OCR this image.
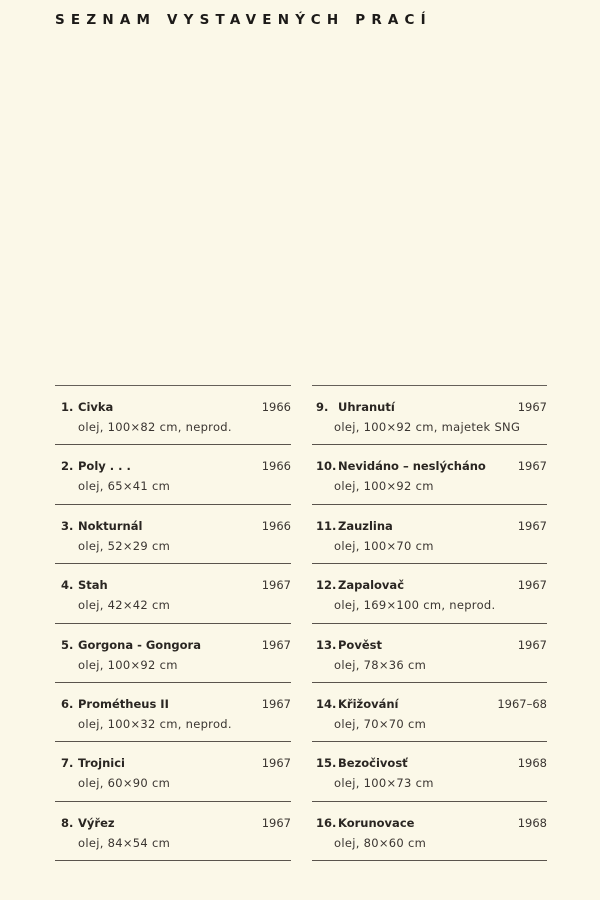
SEZNAM VYSTAVENÝCH PRACÍ
1. Civka	1966
olej, 100×82 cm, neprod.
2. Poly . . .	1966
olej, 65×41 cm
3. Nokturnál	1966
olej, 52×29 cm
4. Stah	1967
olej, 42×42 cm
5. Gorgona - Gongora	1967
olej, 100×92 cm
6. Prométheus II	1967
olej, 100×32 cm, neprod.
7. Trojnici	1967
olej, 60×90 cm
8. Výřez	1967
olej, 84×54 cm
9. Uhranutí	1967
olej, 100×92 cm, majetek SNG
10. Nevidáno – neslýcháno	1967
olej, 100×92 cm
11. Zauzlina	1967
olej, 100×70 cm
12. Zapalovač	1967
olej, 169×100 cm, neprod.
13. Pověst	1967
olej, 78×36 cm
14. Křižování	1967–68
olej, 70×70 cm
15. Bezočivosť	1968
olej, 100×73 cm
16. Korunovace	1968
olej, 80×60 cm
